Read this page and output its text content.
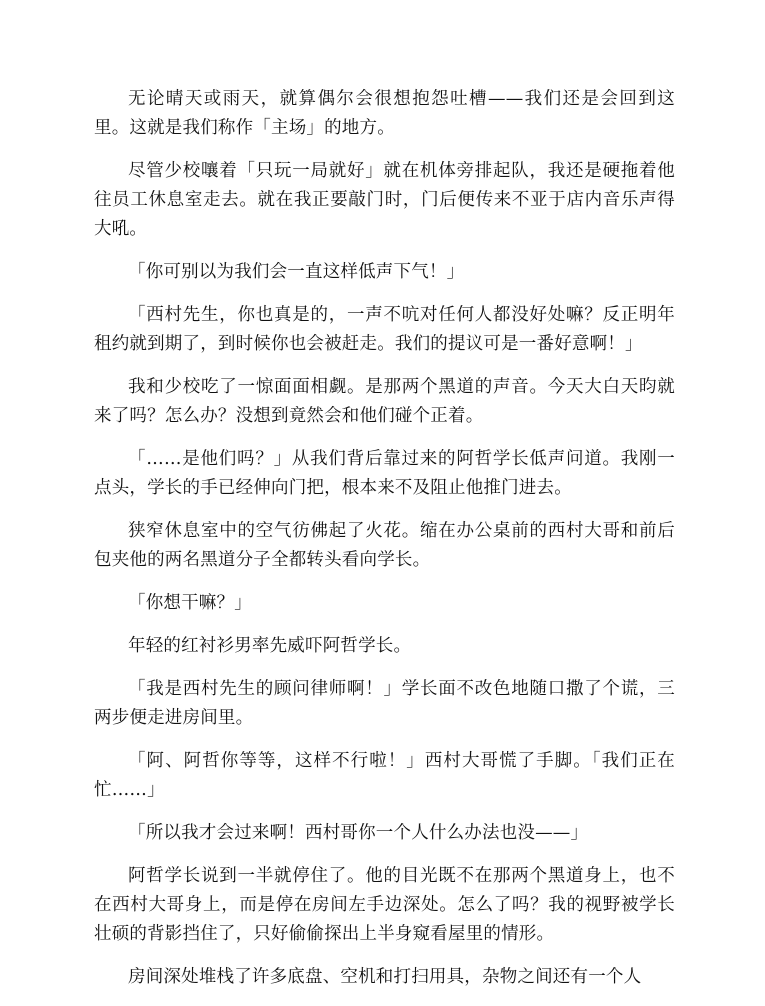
无论晴天或雨天，就算偶尔会很想抱怨吐槽——我们还是会回到这里。这就是我们称作「主场」的地方。

尽管少校嚷着「只玩一局就好」就在机体旁排起队，我还是硬拖着他往员工休息室走去。就在我正要敲门时，门后便传来不亚于店内音乐声得大吼。

「你可别以为我们会一直这样低声下气！」

「西村先生，你也真是的，一声不吭对任何人都没好处嘛？反正明年租约就到期了，到时候你也会被赶走。我们的提议可是一番好意啊！」

我和少校吃了一惊面面相觑。是那两个黑道的声音。今天大白天昀就来了吗？怎么办？没想到竟然会和他们碰个正着。

「……是他们吗？」从我们背后靠过来的阿哲学长低声问道。我刚一点头，学长的手已经伸向门把，根本来不及阻止他推门进去。

狭窄休息室中的空气彷佛起了火花。缩在办公桌前的西村大哥和前后包夹他的两名黑道分子全都转头看向学长。

「你想干嘛？」

年轻的红衬衫男率先威吓阿哲学长。

「我是西村先生的顾问律师啊！」学长面不改色地随口撒了个谎，三两步便走进房间里。

「阿、阿哲你等等，这样不行啦！」西村大哥慌了手脚。「我们正在忙……」

「所以我才会过来啊！西村哥你一个人什么办法也没——」

阿哲学长说到一半就停住了。他的目光既不在那两个黑道身上，也不在西村大哥身上，而是停在房间左手边深处。怎么了吗？我的视野被学长壮硕的背影挡住了，只好偷偷探出上半身窥看屋里的情形。

房间深处堆栈了许多底盘、空机和打扫用具，杂物之间还有一个人
